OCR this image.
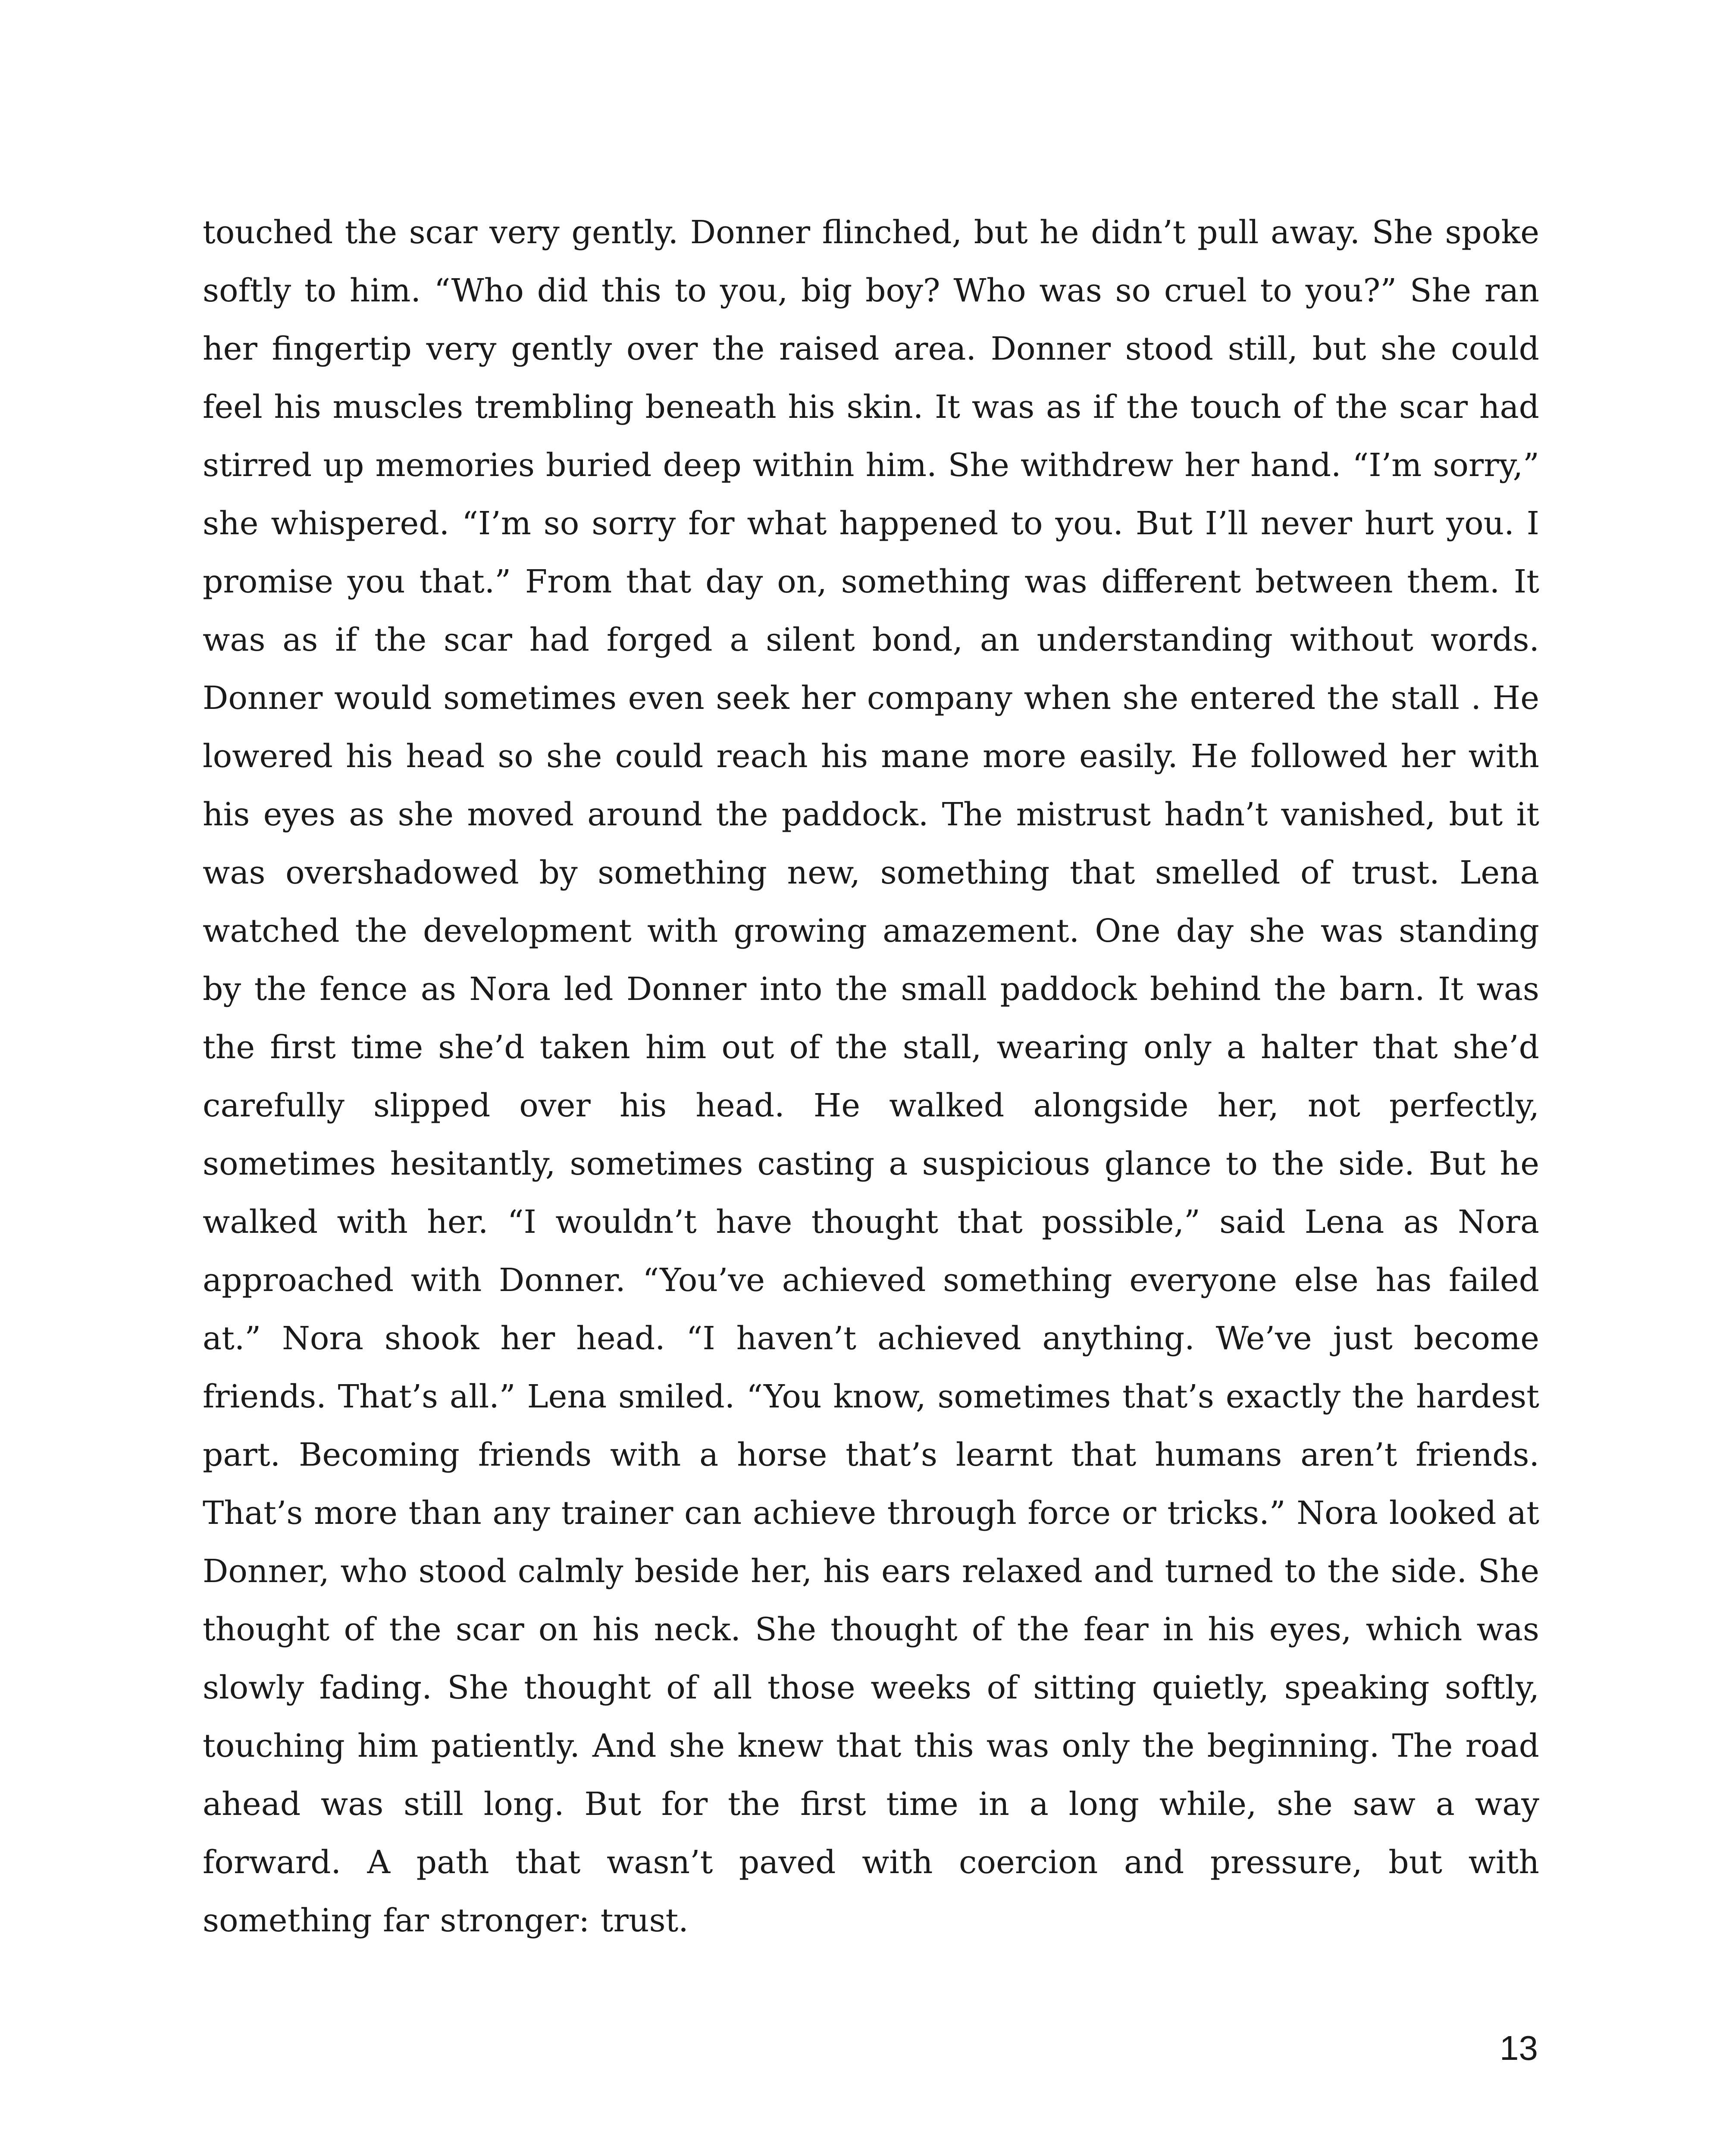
touched the scar very gently. Donner flinched, but he didn’t pull away. She spoke softly to him. “Who did this to you, big boy? Who was so cruel to you?” She ran her fingertip very gently over the raised area. Donner stood still, but she could feel his muscles trembling beneath his skin. It was as if the touch of the scar had stirred up memories buried deep within him. She withdrew her hand. “I’m sorry,” she whispered. “I’m so sorry for what happened to you. But I’ll never hurt you. I promise you that.” From that day on, something was different between them. It was as if the scar had forged a silent bond, an understanding without words. Donner would sometimes even seek her company when she entered the stall . He lowered his head so she could reach his mane more easily. He followed her with his eyes as she moved around the paddock. The mistrust hadn’t vanished, but it was overshadowed by something new, something that smelled of trust. Lena watched the development with growing amazement. One day she was standing by the fence as Nora led Donner into the small paddock behind the barn. It was the first time she’d taken him out of the stall, wearing only a halter that she’d carefully slipped over his head. He walked alongside her, not perfectly, sometimes hesitantly, sometimes casting a suspicious glance to the side. But he walked with her. “I wouldn’t have thought that possible,” said Lena as Nora approached with Donner. “You’ve achieved something everyone else has failed at.” Nora shook her head. “I haven’t achieved anything. We’ve just become friends. That’s all.” Lena smiled. “You know, sometimes that’s exactly the hardest part. Becoming friends with a horse that’s learnt that humans aren’t friends. That’s more than any trainer can achieve through force or tricks.” Nora looked at Donner, who stood calmly beside her, his ears relaxed and turned to the side. She thought of the scar on his neck. She thought of the fear in his eyes, which was slowly fading. She thought of all those weeks of sitting quietly, speaking softly, touching him patiently. And she knew that this was only the beginning. The road ahead was still long. But for the first time in a long while, she saw a way forward. A path that wasn’t paved with coercion and pressure, but with something far stronger: trust.

13
